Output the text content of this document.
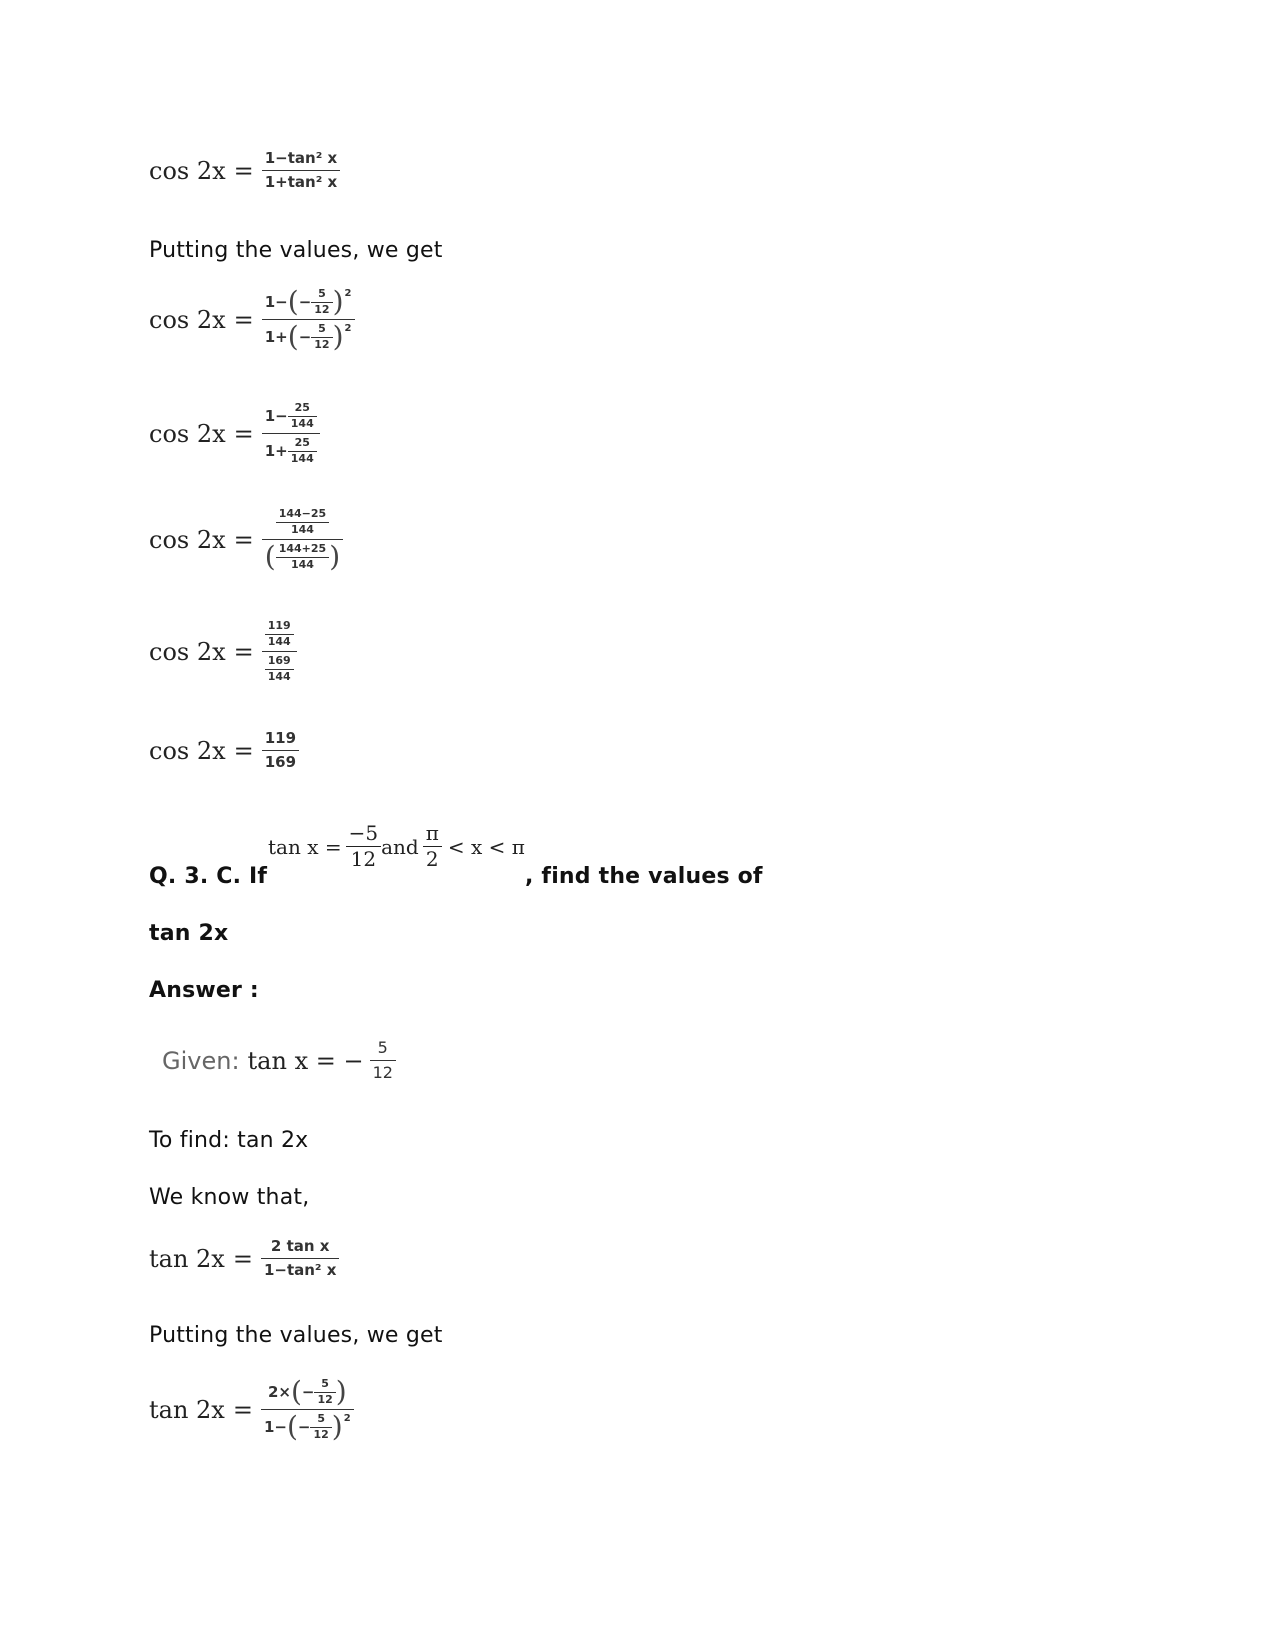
$\cos 2x = \frac{\text{1−tan² x}}{\text{1+tan² x}}$
Putting the values, we get
$\cos 2x = \frac{1- ( - \frac{5}{12} )^2}{1+ ( - \frac{5}{12} )^2}$
$\cos 2x = \frac{1- \frac{25}{144}}{1+ \frac{25}{144}}$
$\cos 2x = \frac{\frac{144-25}{144}}{( \frac{144+25}{144} )}$
$\cos 2x = \frac{\frac{119}{144}}{\frac{169}{144}}$
$\cos 2x = \frac{119}{169}$
Q. 3. C. If
$\tan x = \frac{-5}{12}$ and $\frac{\pi}{2} < x < \pi$
, find the values of
tan 2x
Answer :
Given: tan x = − $\frac{5}{12}$
To find: tan 2x
We know that,
$\tan 2x = \frac{\text{2 tan x}}{\text{1−tan² x}}$
Putting the values, we get
$\tan 2x = \frac{2\times ( - \frac{5}{12} )}{1- ( - \frac{5}{12} )^2}$
